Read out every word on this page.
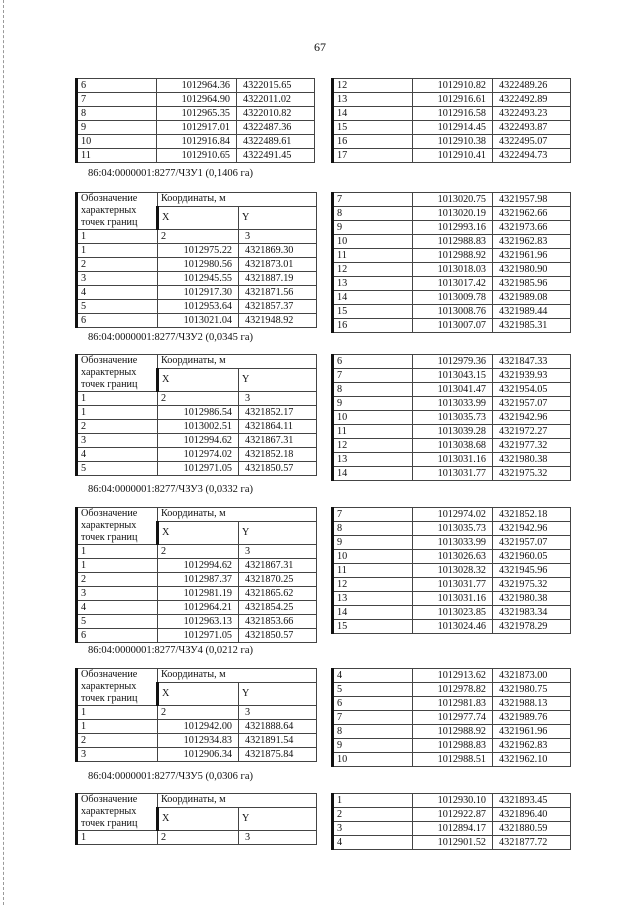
67
6	1012964.36	4322015.65
7	1012964.90	4322011.02
8	1012965.35	4322010.82
9	1012917.01	4322487.36
10	1012916.84	4322489.61
11	1012910.65	4322491.45
12	1012910.82	4322489.26
13	1012916.61	4322492.89
14	1012916.58	4322493.23
15	1012914.45	4322493.87
16	1012910.38	4322495.07
17	1012910.41	4322494.73
86:04:0000001:8277/ЧЗУ1 (0,1406 га)
Обозначение характерных точек границ	Координаты, м	
	X	Y
1	2	3
1	1012975.22	4321869.30
2	1012980.56	4321873.01
3	1012945.55	4321887.19
4	1012917.30	4321871.56
5	1012953.64	4321857.37
6	1013021.04	4321948.92
7	1013020.75	4321957.98
8	1013020.19	4321962.66
9	1012993.16	4321973.66
10	1012988.83	4321962.83
11	1012988.92	4321961.96
12	1013018.03	4321980.90
13	1013017.42	4321985.96
14	1013009.78	4321989.08
15	1013008.76	4321989.44
16	1013007.07	4321985.31
86:04:0000001:8277/ЧЗУ2 (0,0345 га)
Обозначение характерных точек границ	Координаты, м	
	X	Y
1	2	3
1	1012986.54	4321852.17
2	1013002.51	4321864.11
3	1012994.62	4321867.31
4	1012974.02	4321852.18
5	1012971.05	4321850.57
6	1012979.36	4321847.33
7	1013043.15	4321939.93
8	1013041.47	4321954.05
9	1013033.99	4321957.07
10	1013035.73	4321942.96
11	1013039.28	4321972.27
12	1013038.68	4321977.32
13	1013031.16	4321980.38
14	1013031.77	4321975.32
86:04:0000001:8277/ЧЗУ3 (0,0332 га)
Обозначение характерных точек границ	Координаты, м	
	X	Y
1	2	3
1	1012994.62	4321867.31
2	1012987.37	4321870.25
3	1012981.19	4321865.62
4	1012964.21	4321854.25
5	1012963.13	4321853.66
6	1012971.05	4321850.57
7	1012974.02	4321852.18
8	1013035.73	4321942.96
9	1013033.99	4321957.07
10	1013026.63	4321960.05
11	1013028.32	4321945.96
12	1013031.77	4321975.32
13	1013031.16	4321980.38
14	1013023.85	4321983.34
15	1013024.46	4321978.29
86:04:0000001:8277/ЧЗУ4 (0,0212 га)
Обозначение характерных точек границ	Координаты, м	
	X	Y
1	2	3
1	1012942.00	4321888.64
2	1012934.83	4321891.54
3	1012906.34	4321875.84
4	1012913.62	4321873.00
5	1012978.82	4321980.75
6	1012981.83	4321988.13
7	1012977.74	4321989.76
8	1012988.92	4321961.96
9	1012988.83	4321962.83
10	1012988.51	4321962.10
86:04:0000001:8277/ЧЗУ5 (0,0306 га)
Обозначение характерных точек границ	Координаты, м	
	X	Y
1	2	3
1	1012930.10	4321893.45
2	1012922.87	4321896.40
3	1012894.17	4321880.59
4	1012901.52	4321877.72
